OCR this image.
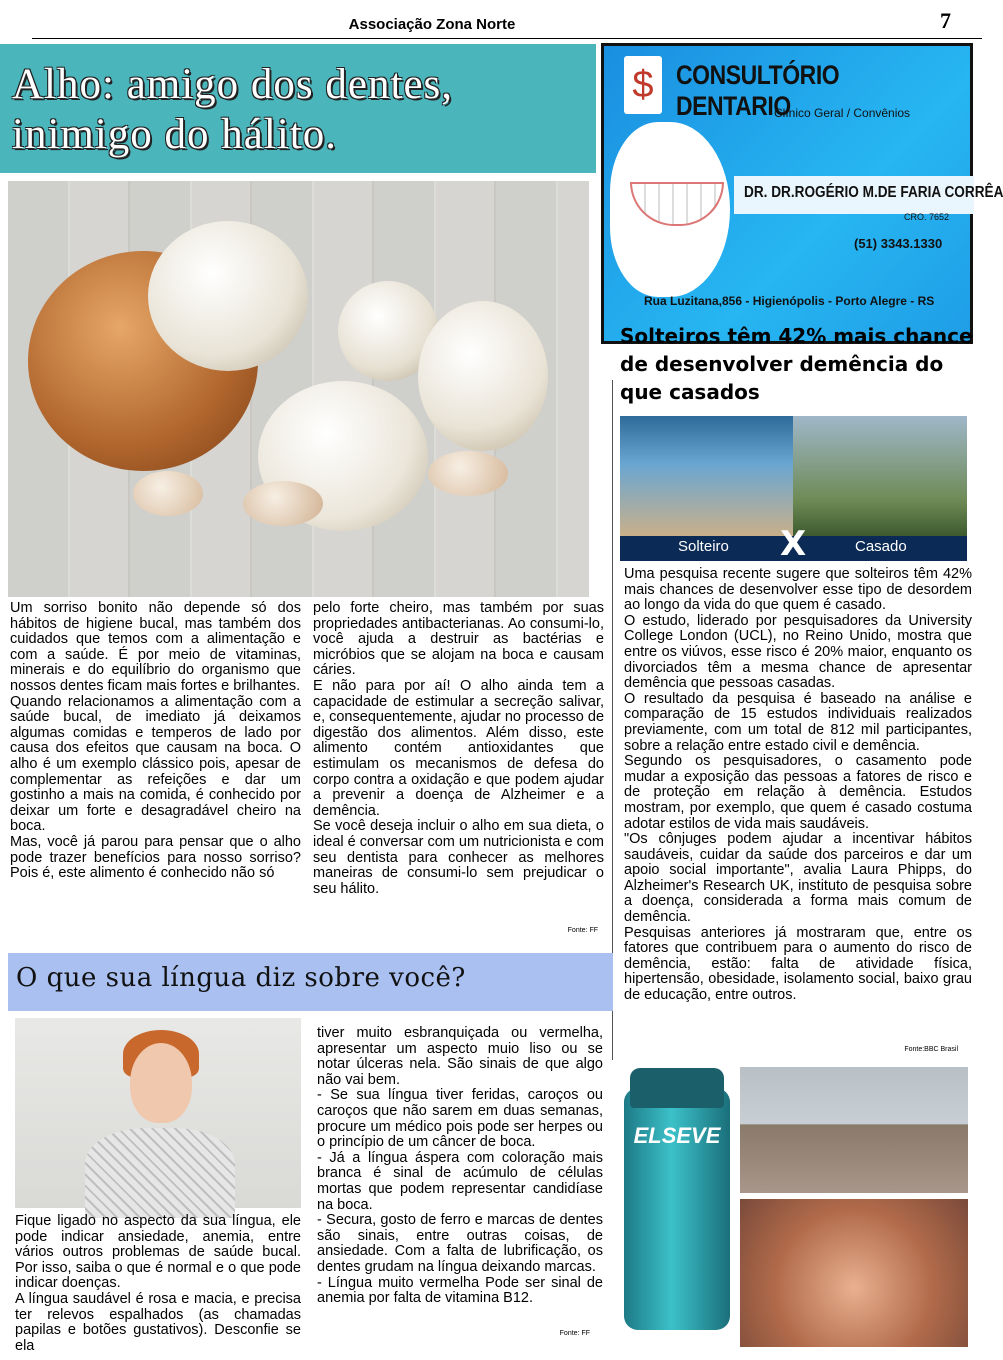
Associação Zona Norte	7
Alho: amigo dos dentes,
inimigo do hálito.

Um sorriso bonito não depende só dos hábitos de higiene bucal, mas também dos cuidados que temos com a alimentação e com a saúde. É por meio de vitaminas, minerais e do equilíbrio do organismo que nossos dentes ficam mais fortes e brilhantes.

Quando relacionamos a alimentação com a saúde bucal, de imediato já deixamos algumas comidas e temperos de lado por causa dos efeitos que causam na boca. O alho é um exemplo clássico pois, apesar de complementar as refeições e dar um gostinho a mais na comida, é conhecido por deixar um forte e desagradável cheiro na boca.

Mas, você já parou para pensar que o alho pode trazer benefícios para nosso sorriso? Pois é, este alimento é conhecido não só

pelo forte cheiro, mas também por suas propriedades antibacterianas. Ao consumi-lo, você ajuda a destruir as bactérias e micróbios que se alojam na boca e causam cáries.

E não para por aí! O alho ainda tem a capacidade de estimular a secreção salivar, e, consequentemente, ajudar no processo de digestão dos alimentos. Além disso, este alimento contém antioxidantes que estimulam os mecanismos de defesa do corpo contra a oxidação e que podem ajudar a prevenir a doença de Alzheimer e a demência.

Se você deseja incluir o alho em sua dieta, o ideal é conversar com um nutricionista e com seu dentista para conhecer as melhores maneiras de consumi-lo sem prejudicar o seu hálito.

Fonte: FF
$ CONSULTÓRIO DENTARIO
Clínico Geral / Convênios
DR. DR.ROGÉRIO M.DE FARIA CORRÊA
CRO. 7652
(51) 3343.1330
Rua Luzitana,856 - Higienópolis - Porto Alegre - RS
Solteiros têm 42% mais chance de desenvolver demência do que casados
Solteiro X	Casado

Uma pesquisa recente sugere que solteiros têm 42% mais chances de desenvolver esse tipo de desordem ao longo da vida do que quem é casado.

O estudo, liderado por pesquisadores da University College London (UCL), no Reino Unido, mostra que entre os viúvos, esse risco é 20% maior, enquanto os divorciados têm a mesma chance de apresentar demência que pessoas casadas.

O resultado da pesquisa é baseado na análise e comparação de 15 estudos individuais realizados previamente, com um total de 812 mil participantes, sobre a relação entre estado civil e demência.

Segundo os pesquisadores, o casamento pode mudar a exposição das pessoas a fatores de risco e de proteção em relação à demência. Estudos mostram, por exemplo, que quem é casado costuma adotar estilos de vida mais saudáveis.

"Os cônjuges podem ajudar a incentivar hábitos saudáveis, cuidar da saúde dos parceiros e dar um apoio social importante", avalia Laura Phipps, do Alzheimer's Research UK, instituto de pesquisa sobre a doença, considerada a forma mais comum de demência.

Pesquisas anteriores já mostraram que, entre os fatores que contribuem para o aumento do risco de demência, estão: falta de atividade física, hipertensão, obesidade, isolamento social, baixo grau de educação, entre outros.

Fonte:BBC Brasil
O que sua língua diz sobre você?

Fique ligado no aspecto da sua língua, ele pode indicar ansiedade, anemia, entre vários outros problemas de saúde bucal. Por isso, saiba o que é normal e o que pode indicar doenças.

A língua saudável é rosa e macia, e precisa ter relevos espalhados (as chamadas papilas e botões gustativos). Desconfie se ela

tiver muito esbranquiçada ou vermelha, apresentar um aspecto muio liso ou se notar úlceras nela. São sinais de que algo não vai bem.

- Se sua língua tiver feridas, caroços ou caroços que não sarem em duas semanas, procure um médico pois pode ser herpes ou o princípio de um câncer de boca.

- Já a língua áspera com coloração mais branca é sinal de acúmulo de células mortas que podem representar candidíase na boca.

- Secura, gosto de ferro e marcas de dentes são sinais, entre outras coisas, de ansiedade. Com a falta de lubrificação, os dentes grudam na língua deixando marcas.

- Língua muito vermelha Pode ser sinal de anemia por falta de vitamina B12.

Fonte: FF
ELSEVE
